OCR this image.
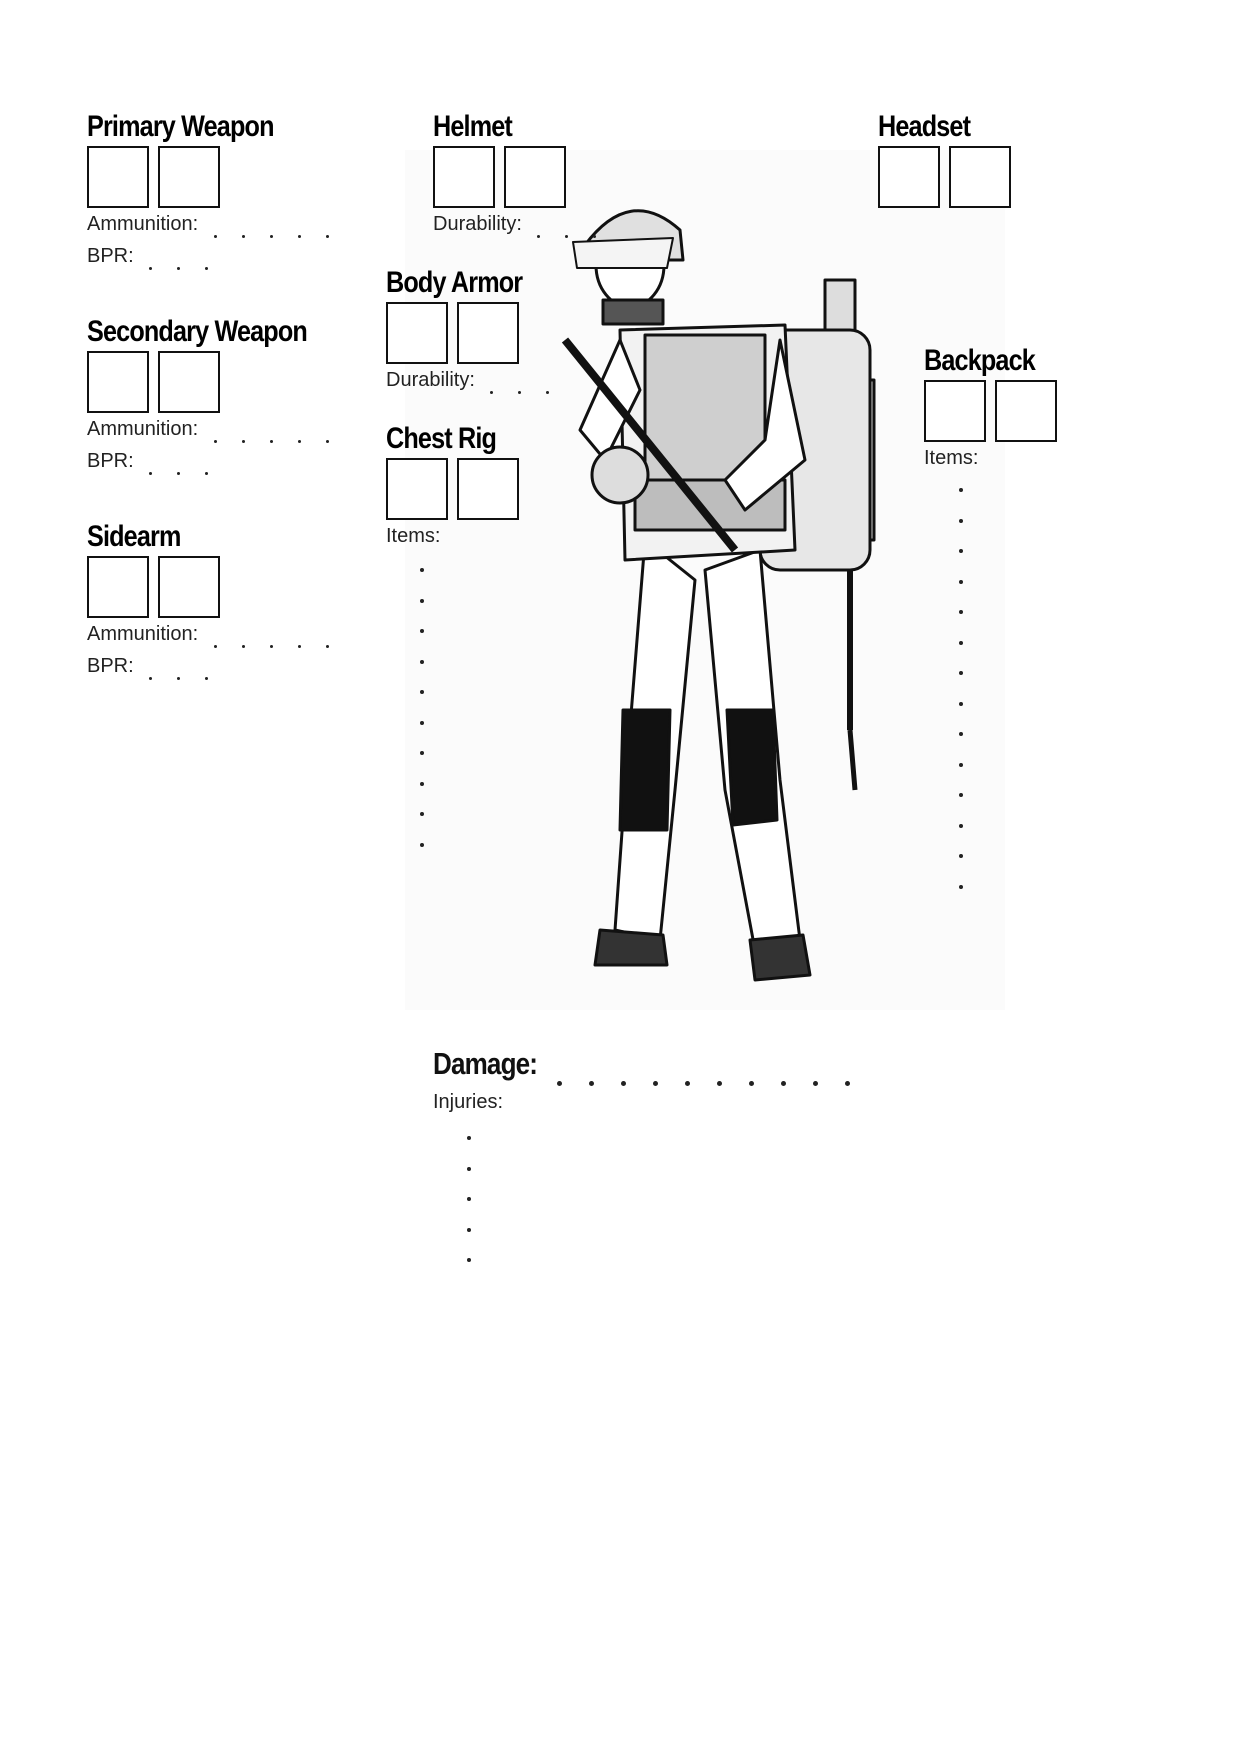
Primary Weapon
Ammunition:
BPR:
Secondary Weapon
Ammunition:
BPR:
Sidearm
Ammunition:
BPR:
Helmet
Durability:
Body Armor
Durability:
Chest Rig
Items:
Headset
Backpack
Items:
Damage:
Injuries:
